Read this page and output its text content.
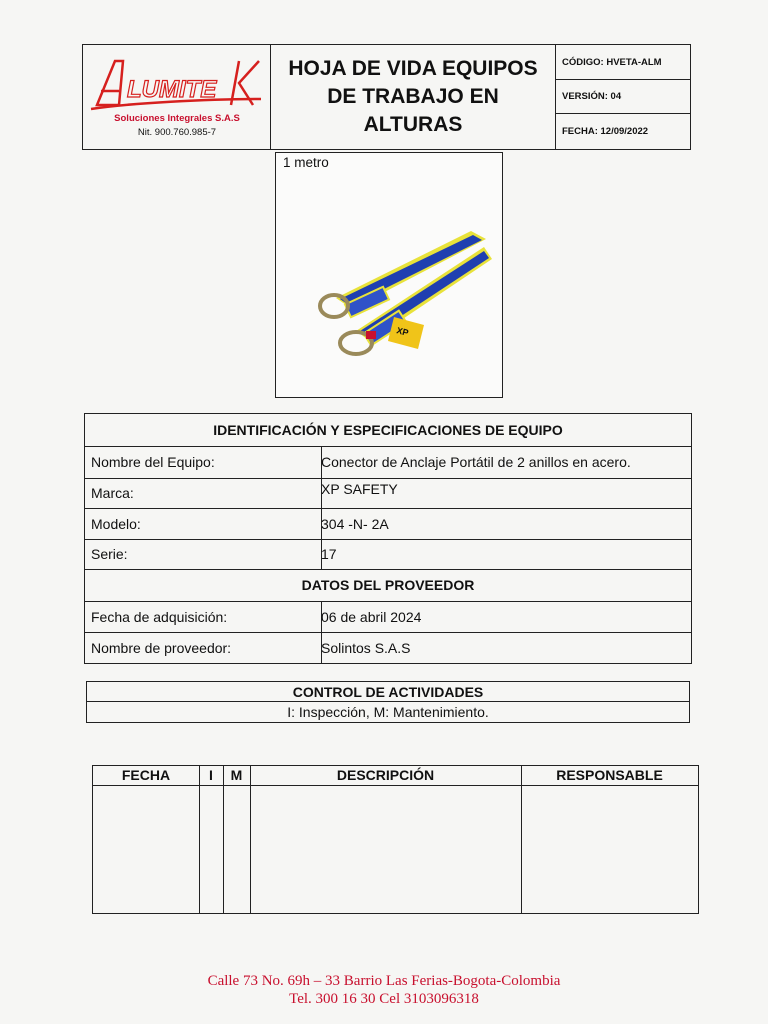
LUMITE
Soluciones Integrales S.A.S
Nit. 900.760.985-7
HOJA DE VIDA EQUIPOS
DE TRABAJO EN
ALTURAS
CÓDIGO: HVETA-ALM
VERSIÓN: 04
FECHA: 12/09/2022
1 metro
XP
IDENTIFICACIÓN Y ESPECIFICACIONES DE EQUIPO
Nombre del Equipo:	Conector de Anclaje Portátil de 2 anillos en acero.
Marca:	XP SAFETY
Modelo:	304 -N- 2A
Serie:	17
DATOS DEL PROVEEDOR
Fecha de adquisición:	06 de abril 2024
Nombre de proveedor:	Solintos S.A.S
CONTROL DE ACTIVIDADES
I: Inspección, M: Mantenimiento.
FECHA	I	M	DESCRIPCIÓN	RESPONSABLE
Calle 73 No. 69h – 33 Barrio Las Ferias-Bogota-Colombia
Tel. 300 16 30 Cel 3103096318
